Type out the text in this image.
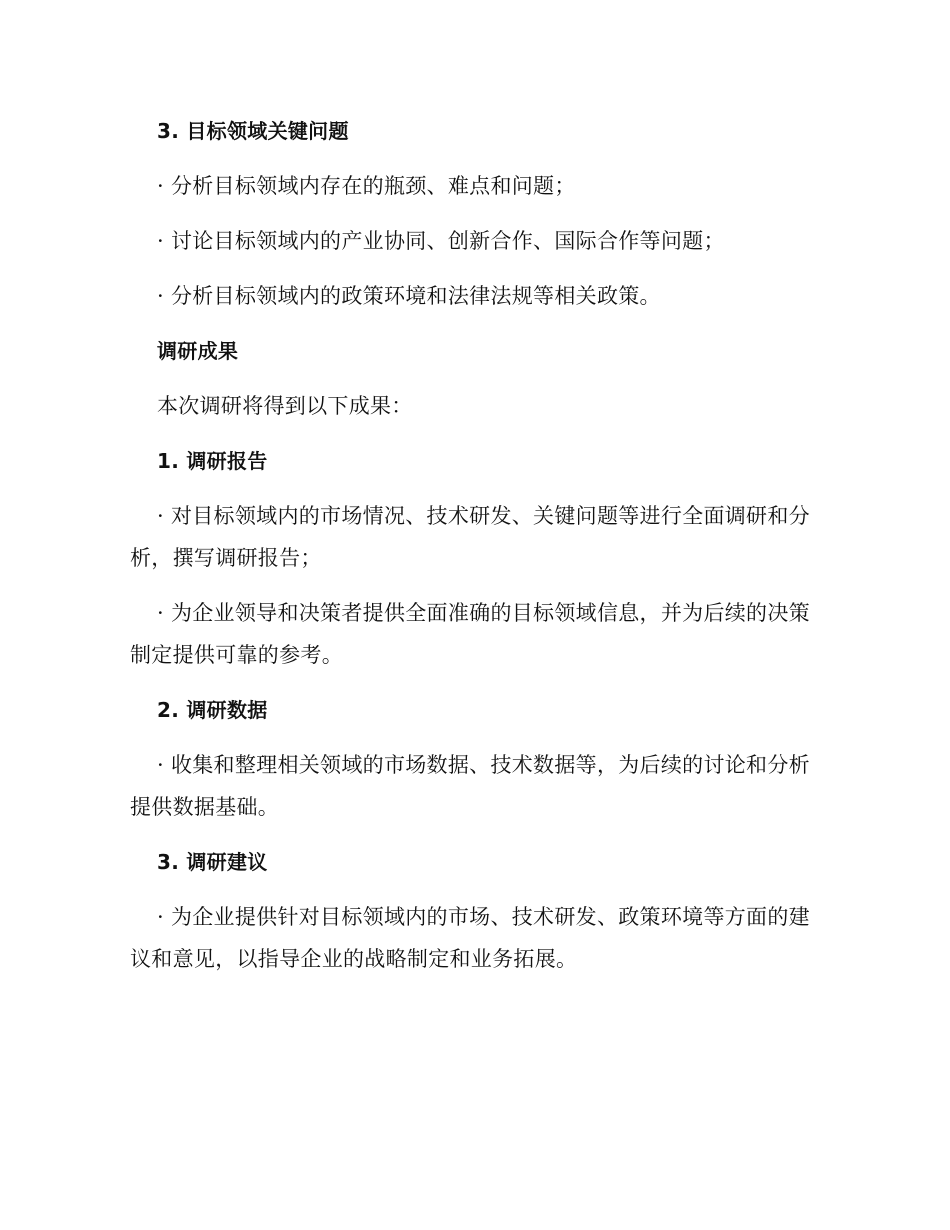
3. 目标领域关键问题

· 分析目标领域内存在的瓶颈、难点和问题；

· 讨论目标领域内的产业协同、创新合作、国际合作等问题；

· 分析目标领域内的政策环境和法律法规等相关政策。

调研成果

本次调研将得到以下成果：

1. 调研报告

· 对目标领域内的市场情况、技术研发、关键问题等进行全面调研和分析，撰写调研报告；

· 为企业领导和决策者提供全面准确的目标领域信息，并为后续的决策制定提供可靠的参考。

2. 调研数据

· 收集和整理相关领域的市场数据、技术数据等，为后续的讨论和分析提供数据基础。

3. 调研建议

· 为企业提供针对目标领域内的市场、技术研发、政策环境等方面的建议和意见，以指导企业的战略制定和业务拓展。
